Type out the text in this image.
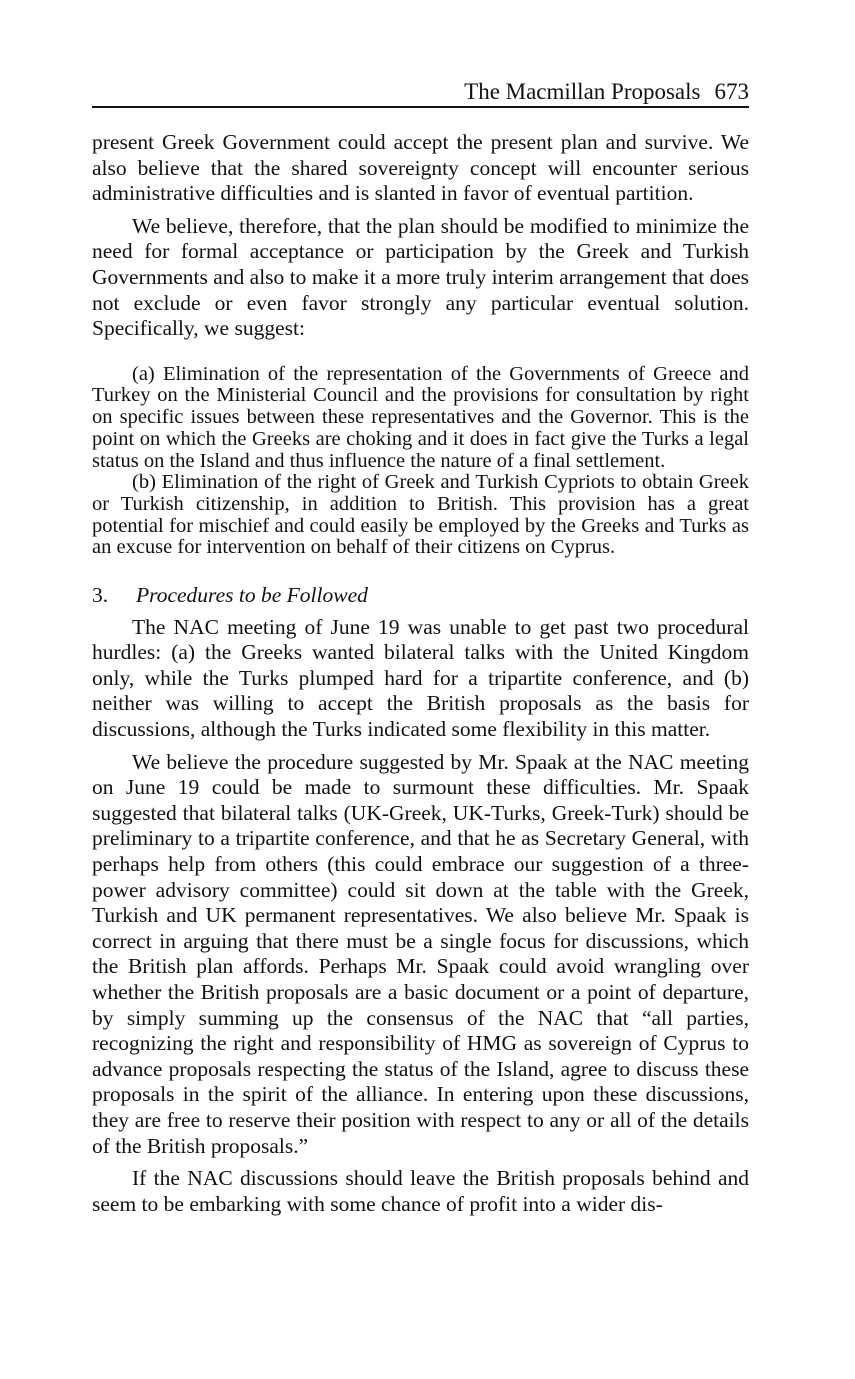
The Macmillan Proposals 673

present Greek Government could accept the present plan and survive. We also believe that the shared sovereignty concept will encounter serious administrative difficulties and is slanted in favor of eventual partition.

We believe, therefore, that the plan should be modified to minimize the need for formal acceptance or participation by the Greek and Turkish Governments and also to make it a more truly interim arrangement that does not exclude or even favor strongly any particular eventual solution. Specifically, we suggest:

(a) Elimination of the representation of the Governments of Greece and Turkey on the Ministerial Council and the provisions for consultation by right on specific issues between these representatives and the Governor. This is the point on which the Greeks are choking and it does in fact give the Turks a legal status on the Island and thus influence the nature of a final settlement.

(b) Elimination of the right of Greek and Turkish Cypriots to obtain Greek or Turkish citizenship, in addition to British. This provision has a great potential for mischief and could easily be employed by the Greeks and Turks as an excuse for intervention on behalf of their citizens on Cyprus.

3. Procedures to be Followed

The NAC meeting of June 19 was unable to get past two procedural hurdles: (a) the Greeks wanted bilateral talks with the United Kingdom only, while the Turks plumped hard for a tripartite conference, and (b) neither was willing to accept the British proposals as the basis for discussions, although the Turks indicated some flexibility in this matter.

We believe the procedure suggested by Mr. Spaak at the NAC meeting on June 19 could be made to surmount these difficulties. Mr. Spaak suggested that bilateral talks (UK-Greek, UK-Turks, Greek-Turk) should be preliminary to a tripartite conference, and that he as Secretary General, with perhaps help from others (this could embrace our suggestion of a three-power advisory committee) could sit down at the table with the Greek, Turkish and UK permanent representatives. We also believe Mr. Spaak is correct in arguing that there must be a single focus for discussions, which the British plan affords. Perhaps Mr. Spaak could avoid wrangling over whether the British proposals are a basic document or a point of departure, by simply summing up the consensus of the NAC that “all parties, recognizing the right and responsibility of HMG as sovereign of Cyprus to advance proposals respecting the status of the Island, agree to discuss these proposals in the spirit of the alliance. In entering upon these discussions, they are free to reserve their position with respect to any or all of the details of the British proposals.”

If the NAC discussions should leave the British proposals behind and seem to be embarking with some chance of profit into a wider dis-
